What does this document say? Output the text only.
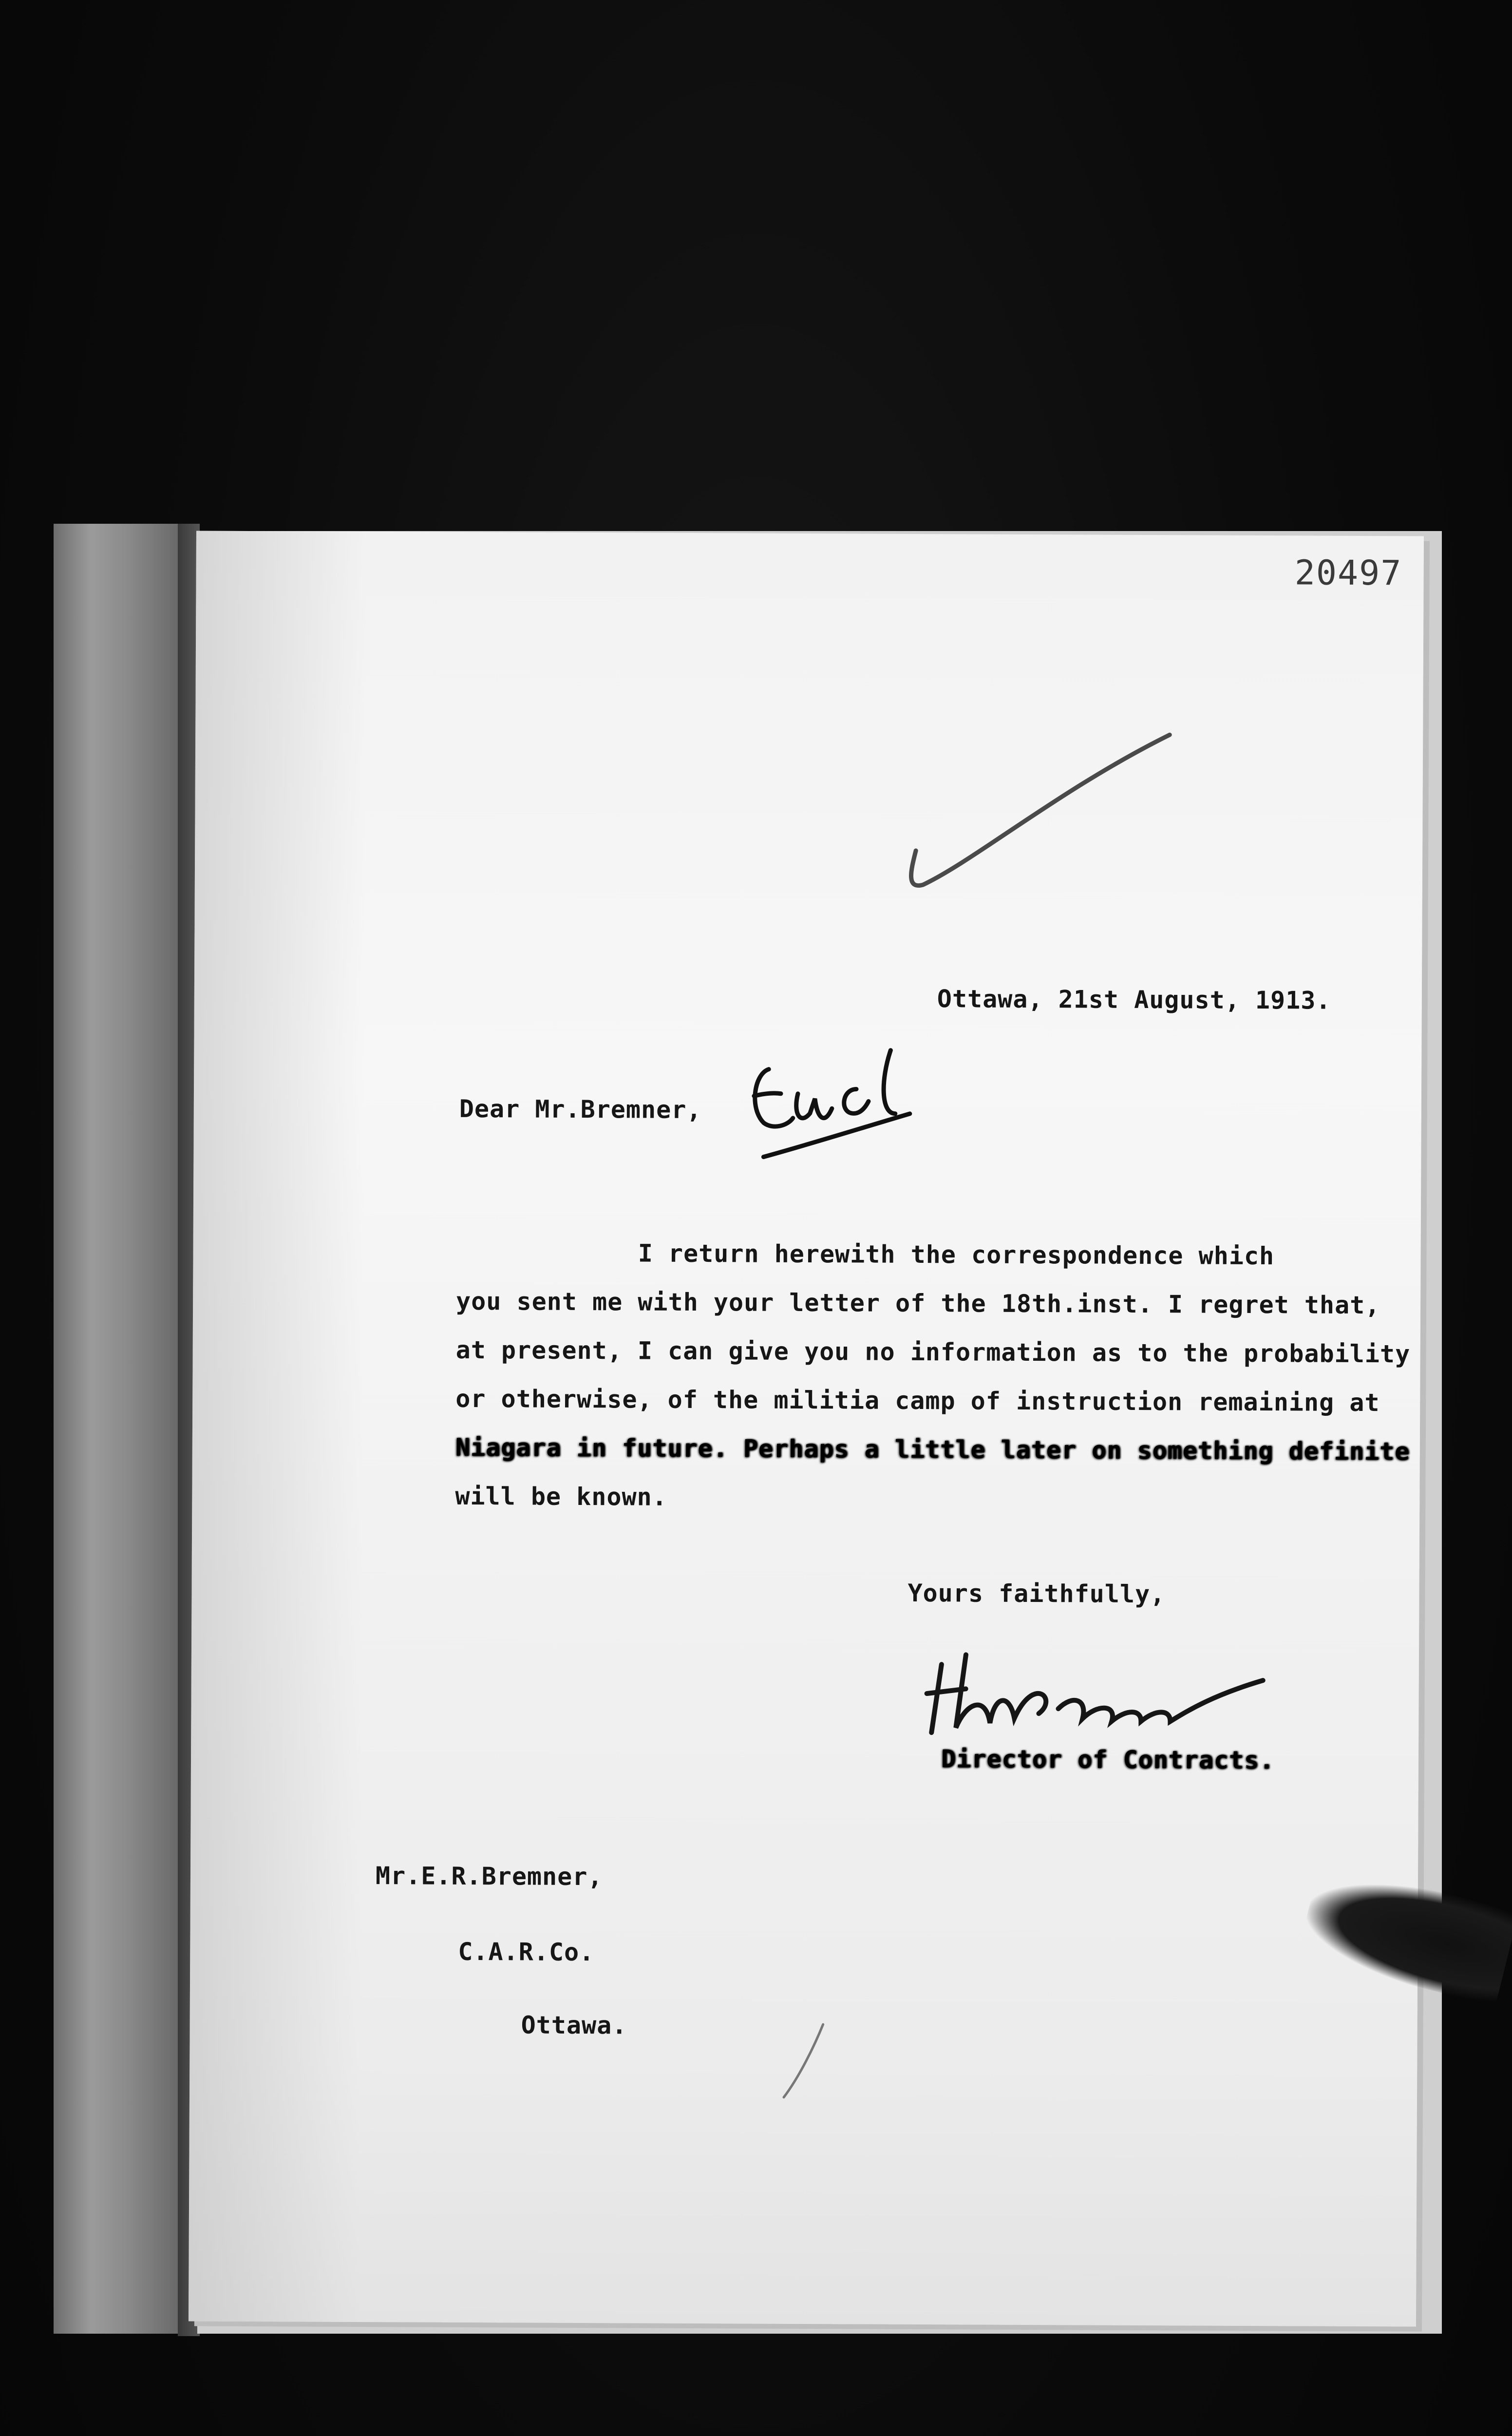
20497
Ottawa, 21st August, 1913.
Dear Mr.Bremner,
I return herewith the correspondence which
you sent me with your letter of the 18th.inst. I regret that,
at present, I can give you no information as to the probability
or otherwise, of the militia camp of instruction remaining at
Niagara in future. Perhaps a little later on something definite
will be known.
Yours faithfully,
Director of Contracts.
Mr.E.R.Bremner,
C.A.R.Co.
Ottawa.
